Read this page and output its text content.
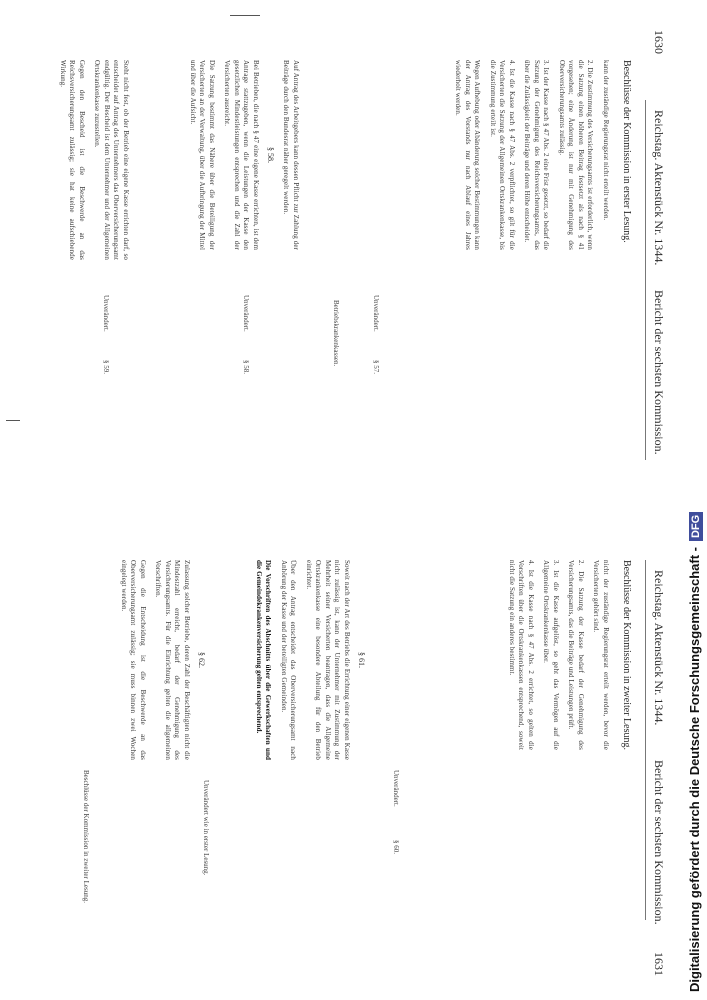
1630
Reichstag. Aktenstück Nr. 1344.
Bericht der sechsten Kommission.
Reichstag. Aktenstück Nr. 1344.
Bericht der sechsten Kommission.
1631
Beschlüsse der Kommission in erster Lesung.
Beschlüsse der Kommission in zweiter Lesung.

kann der zuständige Regierungsrat nicht erteilt werden.

2. Die Zustimmung des Versicherungsamts ist erforderlich, wenn die Satzung einen höheren Beitrag festsetzt als nach § 41 vorgesehen; eine Änderung ist nur mit Genehmigung des Oberversicherungsamts zulässig.

3. Ist der Kasse nach § 47 Abs. 2 eine Frist gesetzt, so bedarf die Satzung der Genehmigung des Reichsversicherungsamts, das über die Zulässigkeit der Beiträge und deren Höhe entscheidet.

4. Ist die Kasse nach § 47 Abs. 2 verpflichtet, so gilt für die Versicherten die Satzung der Allgemeinen Ortskrankenkasse, bis die Zustimmung erteilt ist.

Wegen Aufhebung oder Abänderung solcher Bestimmungen kann der Antrag des Vorstands nur nach Ablauf eines Jahres wiederholt werden.

Unverändert.
§ 57.
Betriebskrankenkassen.

Auf Antrag des Arbeitgebers kann dessen Pflicht zur Zahlung der Beiträge durch den Bundesrat näher geregelt werden.

§ 58.

Bei Betrieben, die nach § 47 eine eigene Kasse errichten, ist dem Antrage stattzugeben, wenn die Leistungen der Kasse den gesetzlichen Mindestleistungen entsprechen und die Zahl der Versicherten ausreicht.

Die Satzung bestimmt das Nähere über die Beteiligung der Versicherten an der Verwaltung, über die Aufbringung der Mittel und über die Aufsicht.

Steht nicht fest, ob der Betrieb eine eigene Kasse errichten darf, so entscheidet auf Antrag des Unternehmers das Oberversicherungsamt endgültig. Der Bescheid ist dem Unternehmer und der Allgemeinen Ortskrankenkasse zuzustellen.

Gegen den Bescheid ist die Beschwerde an das Reichsversicherungsamt zulässig; sie hat keine aufschiebende Wirkung.

Unverändert.
§ 58.
Unverändert.
§ 59.

nicht der zuständige Regierungsrat erteilt werden, bevor die Versicherten gehört sind.

2. Die Satzung der Kasse bedarf der Genehmigung des Versicherungsamts, das die Beiträge und Leistungen prüft.

3. Ist die Kasse aufgelöst, so geht das Vermögen auf die Allgemeine Ortskrankenkasse über.

4. Ist die Kasse nach § 47 Abs. 2 errichtet, so gelten die Vorschriften über die Ortskrankenkassen entsprechend, soweit nicht die Satzung ein anderes bestimmt.

Unverändert.
§ 60.
§ 61.

Soweit nach der Art des Betriebs die Errichtung einer eigenen Kasse nicht zulässig ist, kann der Unternehmer mit Zustimmung der Mehrheit seiner Versicherten beantragen, dass die Allgemeine Ortskrankenkasse eine besondere Abteilung für den Betrieb einrichtet.

Über den Antrag entscheidet das Oberversicherungsamt nach Anhörung der Kasse und der beteiligten Gemeinden.

Die Vorschriften des Abschnitts über die Gewerkschaften und die Gemeindekrankenversicherung gelten entsprechend.

§ 62.

Zulassung solcher Betriebe, deren Zahl der Beschäftigten nicht die Mindestzahl erreicht, bedarf der Genehmigung des Versicherungsamts. Für die Einrichtung gelten die allgemeinen Vorschriften.

Gegen die Entscheidung ist die Beschwerde an das Oberversicherungsamt zulässig; sie muss binnen zwei Wochen eingelegt werden.

Unverändert wie in erster Lesung.
Beschlüsse der Kommission in zweiter Lesung.	Digitalisierung gefördert durch die Deutsche Forschungsgemeinschaft -DFG
